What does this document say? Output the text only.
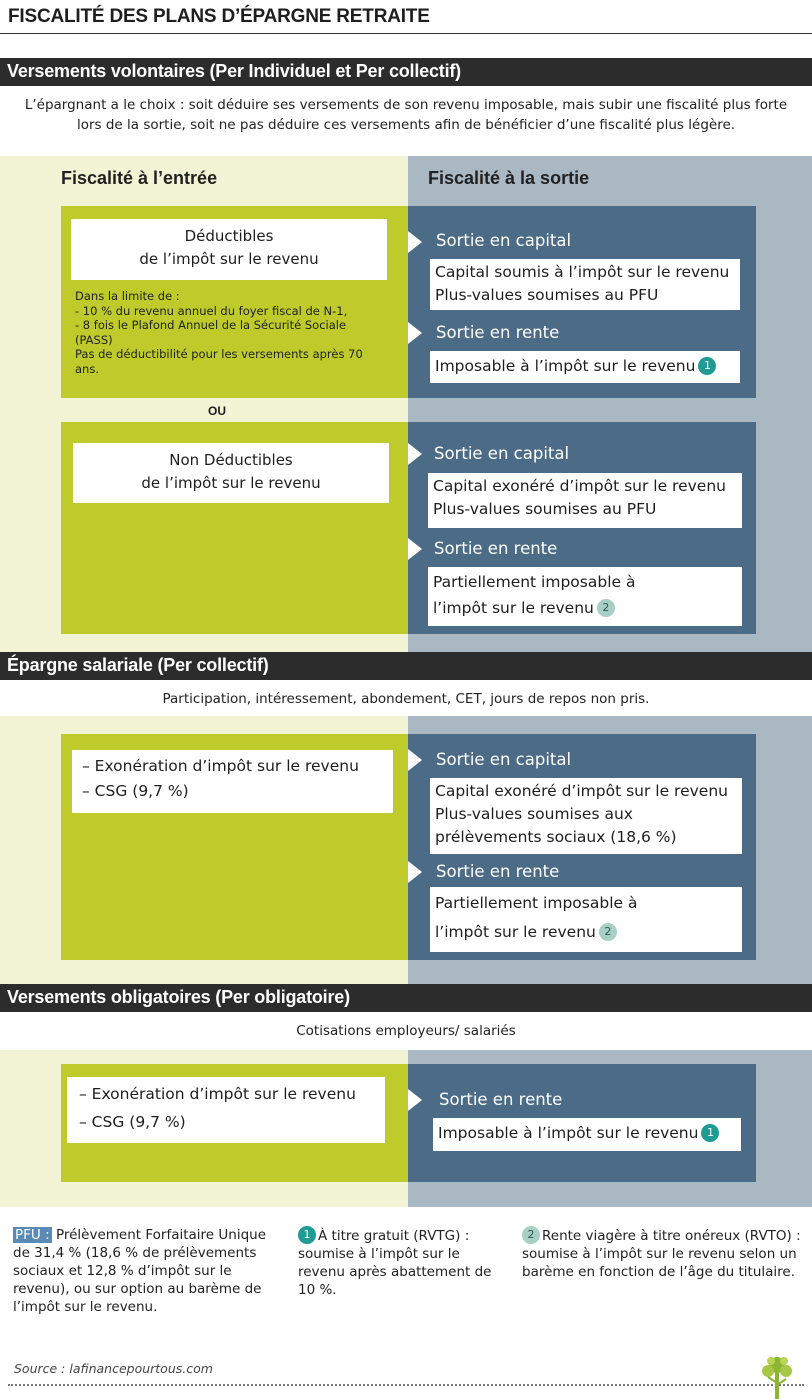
FISCALITÉ DES PLANS D’ÉPARGNE RETRAITE
Versements volontaires (Per Individuel et Per collectif)
L’épargnant a le choix : soit déduire ses versements de son revenu imposable, mais subir une fiscalité plus forte
lors de la sortie, soit ne pas déduire ces versements afin de bénéficier d’une fiscalité plus légère.
Fiscalité à l’entrée	Fiscalité à la sortie
Déductibles
de l’impôt sur le revenu
Dans la limite de :
- 10 % du revenu annuel du foyer fiscal de N-1,
- 8 fois le Plafond Annuel de la Sécurité Sociale
(PASS)
Pas de déductibilité pour les versements après 70
ans.
Sortie en capital
Capital soumis à l’impôt sur le revenu
Plus-values soumises au PFU
Sortie en rente
Imposable à l’impôt sur le revenu 1
OU
Non Déductibles
de l’impôt sur le revenu
Sortie en capital
Capital exonéré d’impôt sur le revenu
Plus-values soumises au PFU
Sortie en rente
Partiellement imposable à
l’impôt sur le revenu 2
Épargne salariale (Per collectif)
Participation, intéressement, abondement, CET, jours de repos non pris.
– Exonération d’impôt sur le revenu
– CSG (9,7 %)
Sortie en capital
Capital exonéré d’impôt sur le revenu
Plus-values soumises aux
prélèvements sociaux (18,6 %)
Sortie en rente
Partiellement imposable à
l’impôt sur le revenu 2
Versements obligatoires (Per obligatoire)
Cotisations employeurs/ salariés
– Exonération d’impôt sur le revenu
– CSG (9,7 %)
Sortie en rente
Imposable à l’impôt sur le revenu 1
PFU : Prélèvement Forfaitaire Unique de 31,4 % (18,6 % de prélèvements sociaux et 12,8 % d’impôt sur le revenu), ou sur option au barème de l’impôt sur le revenu.
1 À titre gratuit (RVTG) : soumise à l’impôt sur le revenu après abattement de 10 %.
2 Rente viagère à titre onéreux (RVTO) : soumise à l’impôt sur le revenu selon un barème en fonction de l’âge du titulaire.
Source : lafinancepourtous.com
